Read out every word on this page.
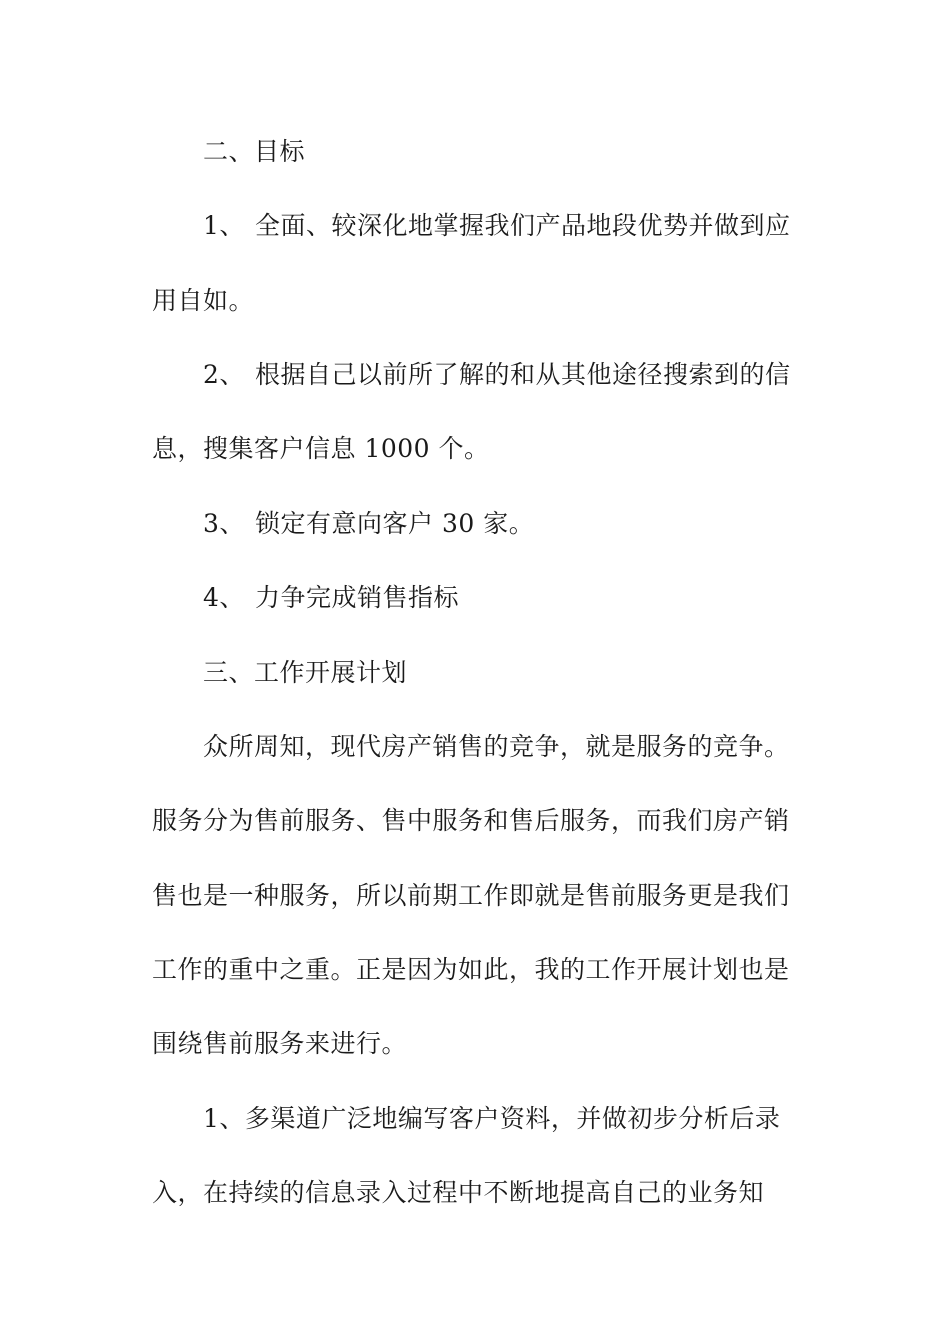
二、目标
1、 全面、较深化地掌握我们产品地段优势并做到应
用自如。
2、 根据自己以前所了解的和从其他途径搜索到的信
息，搜集客户信息 1000 个。
3、 锁定有意向客户 30 家。
4、 力争完成销售指标
三、工作开展计划
众所周知，现代房产销售的竞争，就是服务的竞争。
服务分为售前服务、售中服务和售后服务，而我们房产销
售也是一种服务，所以前期工作即就是售前服务更是我们
工作的重中之重。正是因为如此，我的工作开展计划也是
围绕售前服务来进行。
1、多渠道广泛地编写客户资料，并做初步分析后录
入，在持续的信息录入过程中不断地提高自己的业务知
